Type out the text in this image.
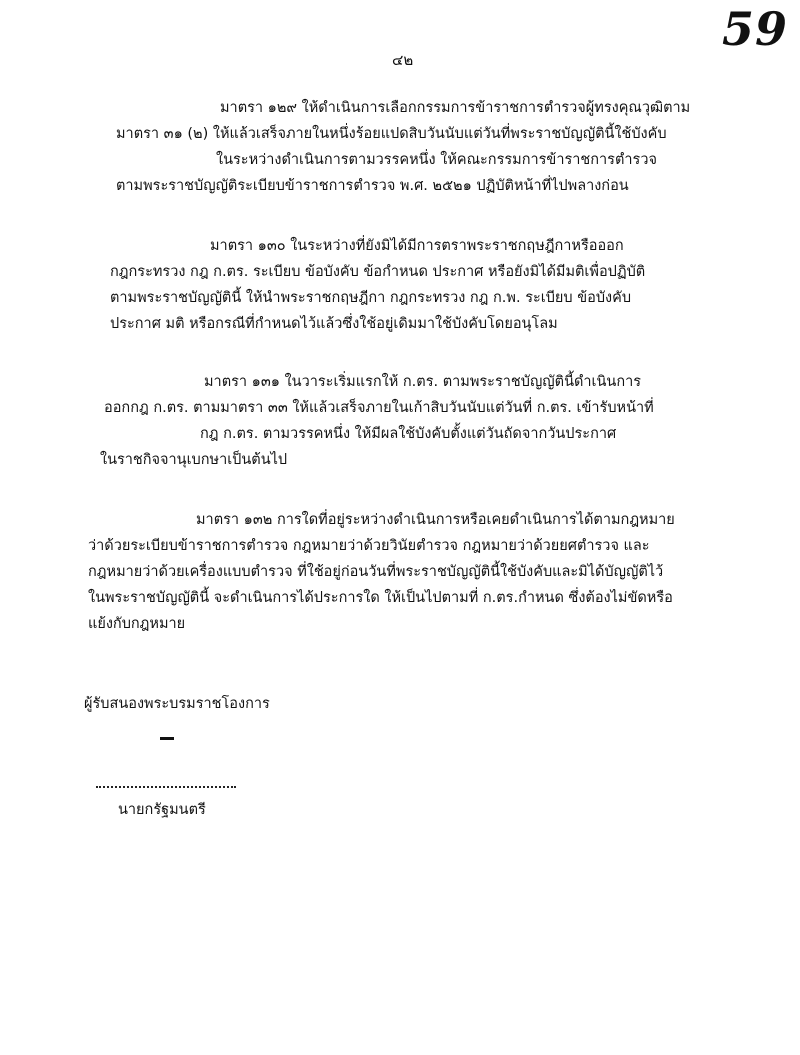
59
๔๒
มาตรา ๑๒๙ ให้ดำเนินการเลือกกรรมการข้าราชการตำรวจผู้ทรงคุณวุฒิตาม
มาตรา ๓๑ (๒) ให้แล้วเสร็จภายในหนึ่งร้อยแปดสิบวันนับแต่วันที่พระราชบัญญัตินี้ใช้บังคับ
ในระหว่างดำเนินการตามวรรคหนึ่ง ให้คณะกรรมการข้าราชการตำรวจ
ตามพระราชบัญญัติระเบียบข้าราชการตำรวจ พ.ศ. ๒๕๒๑ ปฏิบัติหน้าที่ไปพลางก่อน
มาตรา ๑๓๐ ในระหว่างที่ยังมิได้มีการตราพระราชกฤษฎีกาหรือออก
กฎกระทรวง กฎ ก.ตร. ระเบียบ ข้อบังคับ ข้อกำหนด ประกาศ หรือยังมิได้มีมติเพื่อปฏิบัติ
ตามพระราชบัญญัตินี้ ให้นำพระราชกฤษฎีกา กฎกระทรวง กฎ ก.พ. ระเบียบ ข้อบังคับ
ประกาศ มติ หรือกรณีที่กำหนดไว้แล้วซึ่งใช้อยู่เดิมมาใช้บังคับโดยอนุโลม
มาตรา ๑๓๑ ในวาระเริ่มแรกให้ ก.ตร. ตามพระราชบัญญัตินี้ดำเนินการ
ออกกฎ ก.ตร. ตามมาตรา ๓๓ ให้แล้วเสร็จภายในเก้าสิบวันนับแต่วันที่ ก.ตร. เข้ารับหน้าที่
กฎ ก.ตร. ตามวรรคหนึ่ง ให้มีผลใช้บังคับตั้งแต่วันถัดจากวันประกาศ
ในราชกิจจานุเบกษาเป็นต้นไป
มาตรา ๑๓๒ การใดที่อยู่ระหว่างดำเนินการหรือเคยดำเนินการได้ตามกฎหมาย
ว่าด้วยระเบียบข้าราชการตำรวจ กฎหมายว่าด้วยวินัยตำรวจ กฎหมายว่าด้วยยศตำรวจ และ
กฎหมายว่าด้วยเครื่องแบบตำรวจ ที่ใช้อยู่ก่อนวันที่พระราชบัญญัตินี้ใช้บังคับและมิได้บัญญัติไว้
ในพระราชบัญญัตินี้ จะดำเนินการได้ประการใด ให้เป็นไปตามที่ ก.ตร.กำหนด ซึ่งต้องไม่ขัดหรือ
แย้งกับกฎหมาย
ผู้รับสนองพระบรมราชโองการ
นายกรัฐมนตรี
